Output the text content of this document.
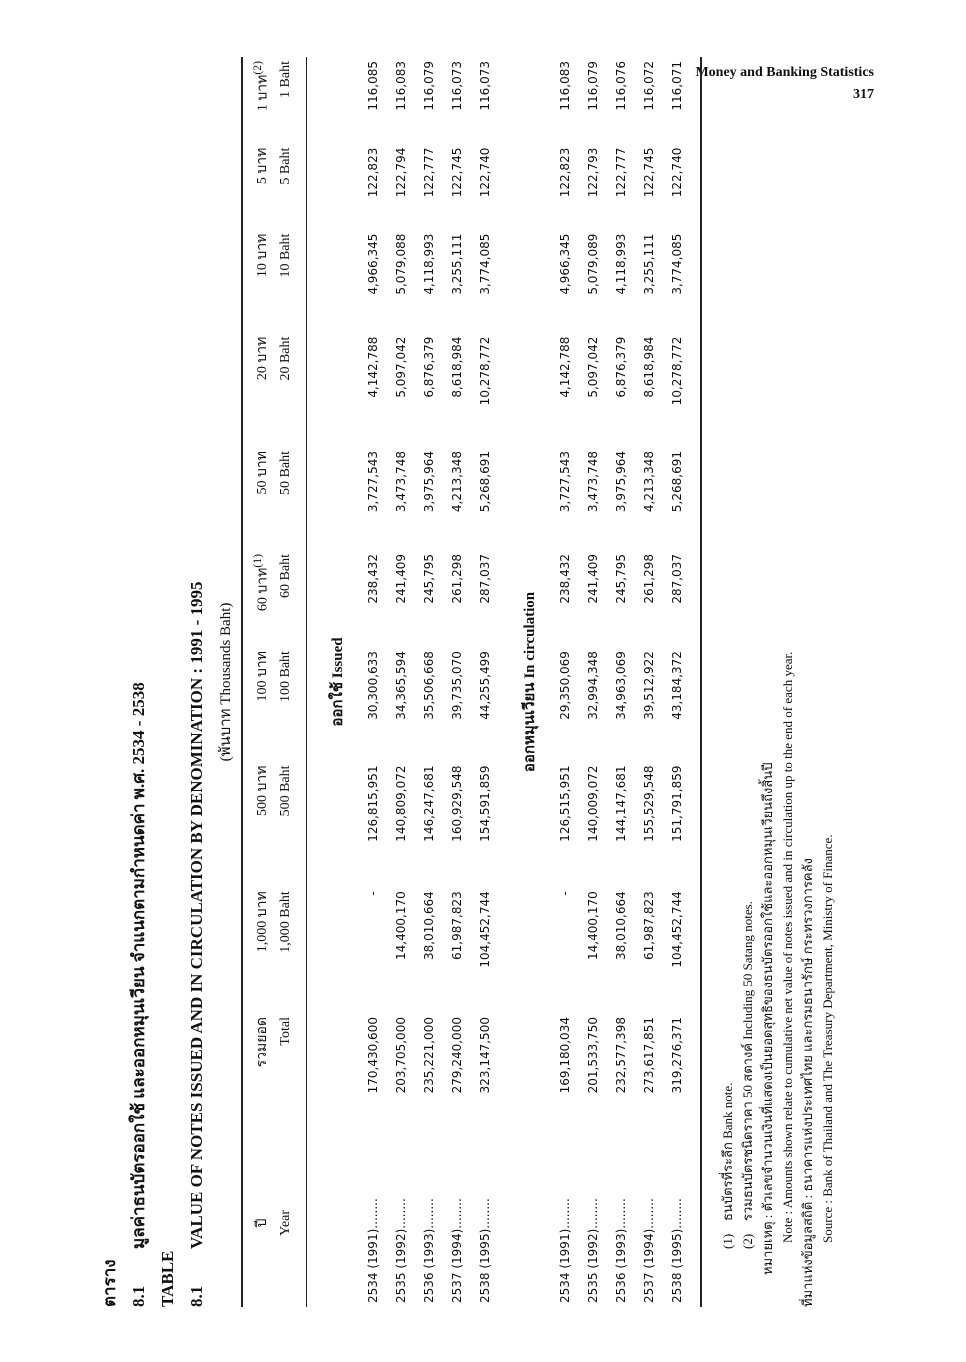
Money and Banking Statistics
317
ตาราง 8.1มูลค่าธนบัตรออกใช้ และออกหมุนเวียน จำแนกตามกำหนดค่า พ.ศ. 2534 - 2538
TABLE 8.1VALUE OF NOTES ISSUED AND IN CIRCULATION BY DENOMINATION : 1991 - 1995 (พันบาท Thousands Baht)
ปี	รวมยอด	1,000 บาท	500 บาท	100 บาท	60 บาท$^{(1)}$	50 บาท	20 บาท	10 บาท	5 บาท	1 บาท$^{(2)}$
Year	Total	1,000 Baht	500 Baht	100 Baht	60 Baht	50 Baht	20 Baht	10 Baht	5 Baht	1 Baht
ออกใช้ Issued										
2534 (1991)........	170,430,600	-	126,815,951	30,300,633	238,432	3,727,543	4,142,788	4,966,345	122,823	116,085
2535 (1992)........	203,705,000	14,400,170	140,809,072	34,365,594	241,409	3,473,748	5,097,042	5,079,088	122,794	116,083
2536 (1993)........	235,221,000	38,010,664	146,247,681	35,506,668	245,795	3,975,964	6,876,379	4,118,993	122,777	116,079
2537 (1994)........	279,240,000	61,987,823	160,929,548	39,735,070	261,298	4,213,348	8,618,984	3,255,111	122,745	116,073
2538 (1995)........	323,147,500	104,452,744	154,591,859	44,255,499	287,037	5,268,691	10,278,772	3,774,085	122,740	116,073
ออกหมุนเวียน In circulation										
2534 (1991)........	169,180,034	-	126,515,951	29,350,069	238,432	3,727,543	4,142,788	4,966,345	122,823	116,083
2535 (1992)........	201,533,750	14,400,170	140,009,072	32,994,348	241,409	3,473,748	5,097,042	5,079,089	122,793	116,079
2536 (1993)........	232,577,398	38,010,664	144,147,681	34,963,069	245,795	3,975,964	6,876,379	4,118,993	122,777	116,076
2537 (1994)........	273,617,851	61,987,823	155,529,548	39,512,922	261,298	4,213,348	8,618,984	3,255,111	122,745	116,072
2538 (1995)........	319,276,371	104,452,744	151,791,859	43,184,372	287,037	5,268,691	10,278,772	3,774,085	122,740	116,071
(1)ธนบัตรที่ระลึก Bank note.
(2)รวมธนบัตรชนิดราคา 50 สตางค์ Including 50 Satang notes. หมายเหตุ : ตัวเลขจำนวนเงินที่แสดงเป็นยอดสุทธิของธนบัตรออกใช้และออกหมุนเวียนถึงสิ้นปี Note : Amounts shown relate to cumulative net value of notes issued and in circulation up to the end of each year. ที่มาแห่งข้อมูลสถิติ : ธนาคารแห่งประเทศไทย และกรมธนารักษ์ กระทรวงการคลัง Source : Bank of Thailand and The Treasury Department, Ministry of Finance.
